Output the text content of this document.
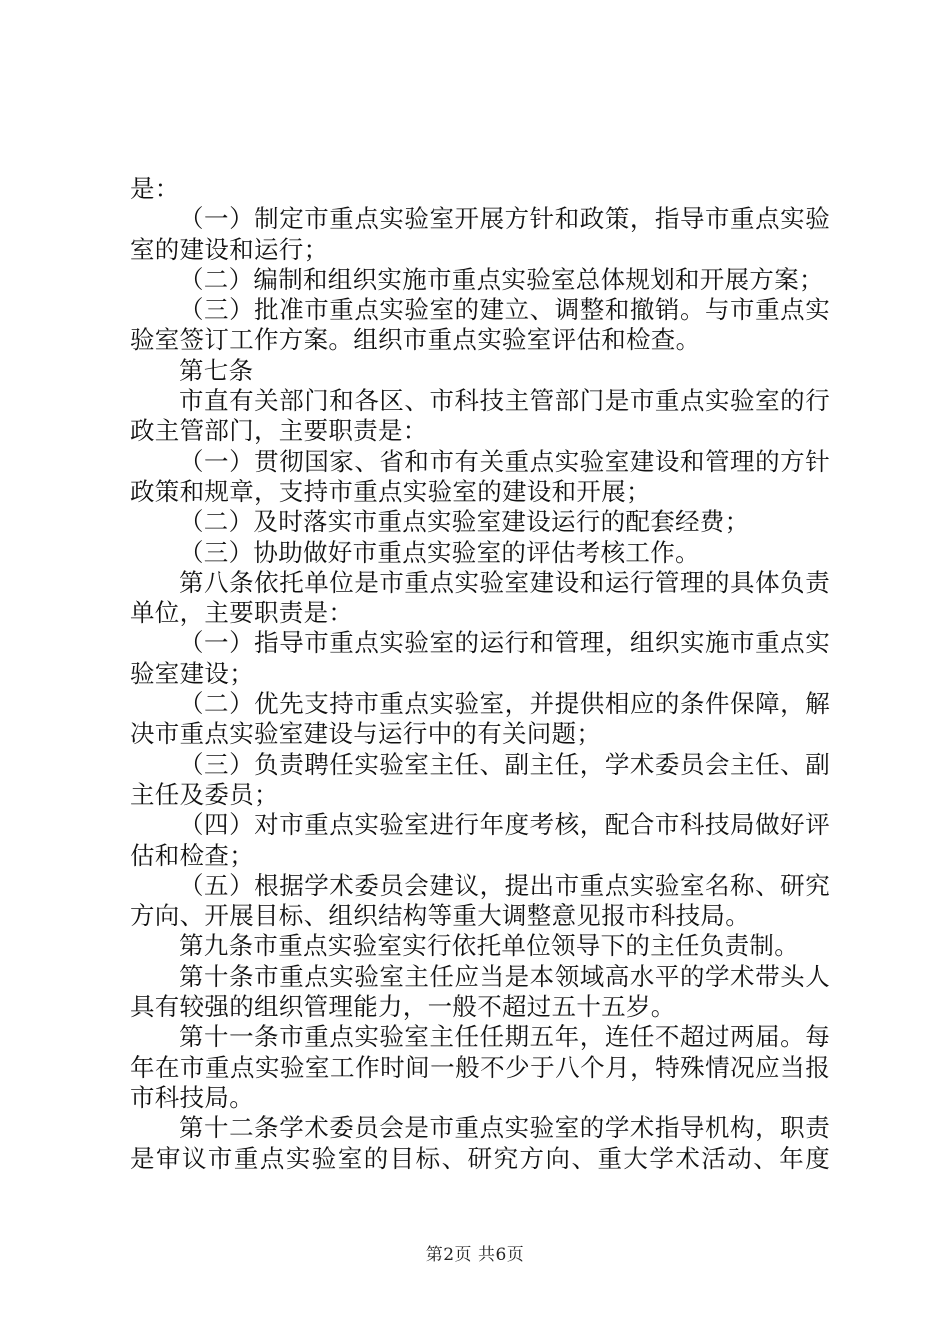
是：

（一）制定市重点实验室开展方针和政策，指导市重点实验室的建设和运行；

（二）编制和组织实施市重点实验室总体规划和开展方案；

（三）批准市重点实验室的建立、调整和撤销。与市重点实验室签订工作方案。组织市重点实验室评估和检查。

第七条

市直有关部门和各区、市科技主管部门是市重点实验室的行政主管部门，主要职责是：

（一）贯彻国家、省和市有关重点实验室建设和管理的方针政策和规章，支持市重点实验室的建设和开展；

（二）及时落实市重点实验室建设运行的配套经费；

（三）协助做好市重点实验室的评估考核工作。

第八条依托单位是市重点实验室建设和运行管理的具体负责单位，主要职责是：

（一）指导市重点实验室的运行和管理，组织实施市重点实验室建设；

（二）优先支持市重点实验室，并提供相应的条件保障，解决市重点实验室建设与运行中的有关问题；

（三）负责聘任实验室主任、副主任，学术委员会主任、副主任及委员；

（四）对市重点实验室进行年度考核，配合市科技局做好评估和检查；

（五）根据学术委员会建议，提出市重点实验室名称、研究方向、开展目标、组织结构等重大调整意见报市科技局。

第九条市重点实验室实行依托单位领导下的主任负责制。

第十条市重点实验室主任应当是本领域高水平的学术带头人具有较强的组织管理能力，一般不超过五十五岁。

第十一条市重点实验室主任任期五年，连任不超过两届。每年在市重点实验室工作时间一般不少于八个月，特殊情况应当报市科技局。

第十二条学术委员会是市重点实验室的学术指导机构，职责是审议市重点实验室的目标、研究方向、重大学术活动、年度

第2页 共6页
